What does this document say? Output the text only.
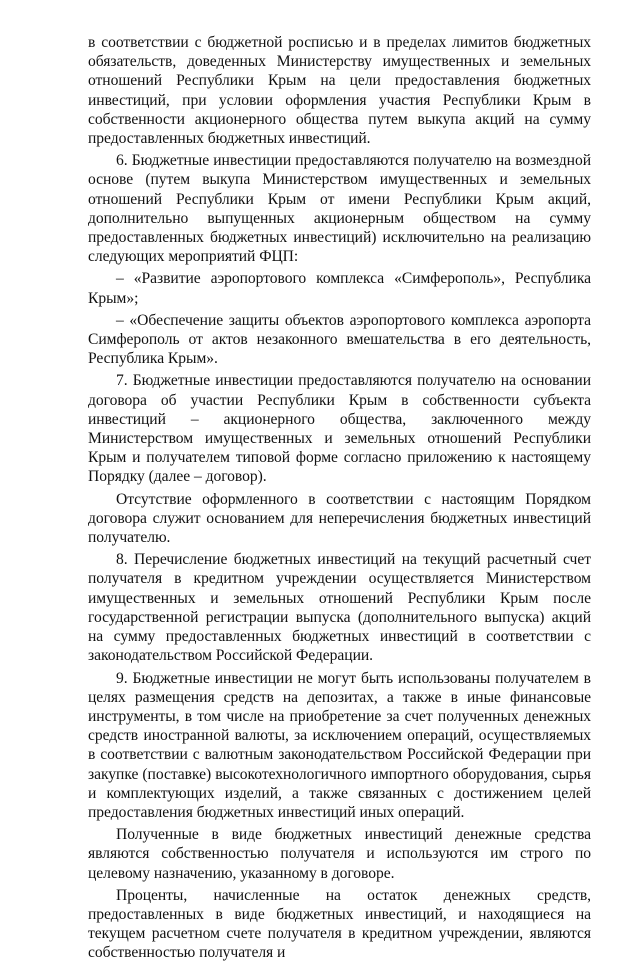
в соответствии с бюджетной росписью и в пределах лимитов бюджетных обязательств, доведенных Министерству имущественных и земельных отношений Республики Крым на цели предоставления бюджетных инвестиций, при условии оформления участия Республики Крым в собственности акционерного общества путем выкупа акций на сумму предоставленных бюджетных инвестиций.

6. Бюджетные инвестиции предоставляются получателю на возмездной основе (путем выкупа Министерством имущественных и земельных отношений Республики Крым от имени Республики Крым акций, дополнительно выпущенных акционерным обществом на сумму предоставленных бюджетных инвестиций) исключительно на реализацию следующих мероприятий ФЦП:

– «Развитие аэропортового комплекса «Симферополь», Республика Крым»;

– «Обеспечение защиты объектов аэропортового комплекса аэропорта Симферополь от актов незаконного вмешательства в его деятельность, Республика Крым».

7. Бюджетные инвестиции предоставляются получателю на основании договора об участии Республики Крым в собственности субъекта инвестиций – акционерного общества, заключенного между Министерством имущественных и земельных отношений Республики Крым и получателем типовой форме согласно приложению к настоящему Порядку (далее – договор).

Отсутствие оформленного в соответствии с настоящим Порядком договора служит основанием для неперечисления бюджетных инвестиций получателю.

8. Перечисление бюджетных инвестиций на текущий расчетный счет получателя в кредитном учреждении осуществляется Министерством имущественных и земельных отношений Республики Крым после государственной регистрации выпуска (дополнительного выпуска) акций на сумму предоставленных бюджетных инвестиций в соответствии с законодательством Российской Федерации.

9. Бюджетные инвестиции не могут быть использованы получателем в целях размещения средств на депозитах, а также в иные финансовые инструменты, в том числе на приобретение за счет полученных денежных средств иностранной валюты, за исключением операций, осуществляемых в соответствии с валютным законодательством Российской Федерации при закупке (поставке) высокотехнологичного импортного оборудования, сырья и комплектующих изделий, а также связанных с достижением целей предоставления бюджетных инвестиций иных операций.

Полученные в виде бюджетных инвестиций денежные средства являются собственностью получателя и используются им строго по целевому назначению, указанному в договоре.

Проценты, начисленные на остаток денежных средств, предоставленных в виде бюджетных инвестиций, и находящиеся на текущем расчетном счете получателя в кредитном учреждении, являются собственностью получателя и
